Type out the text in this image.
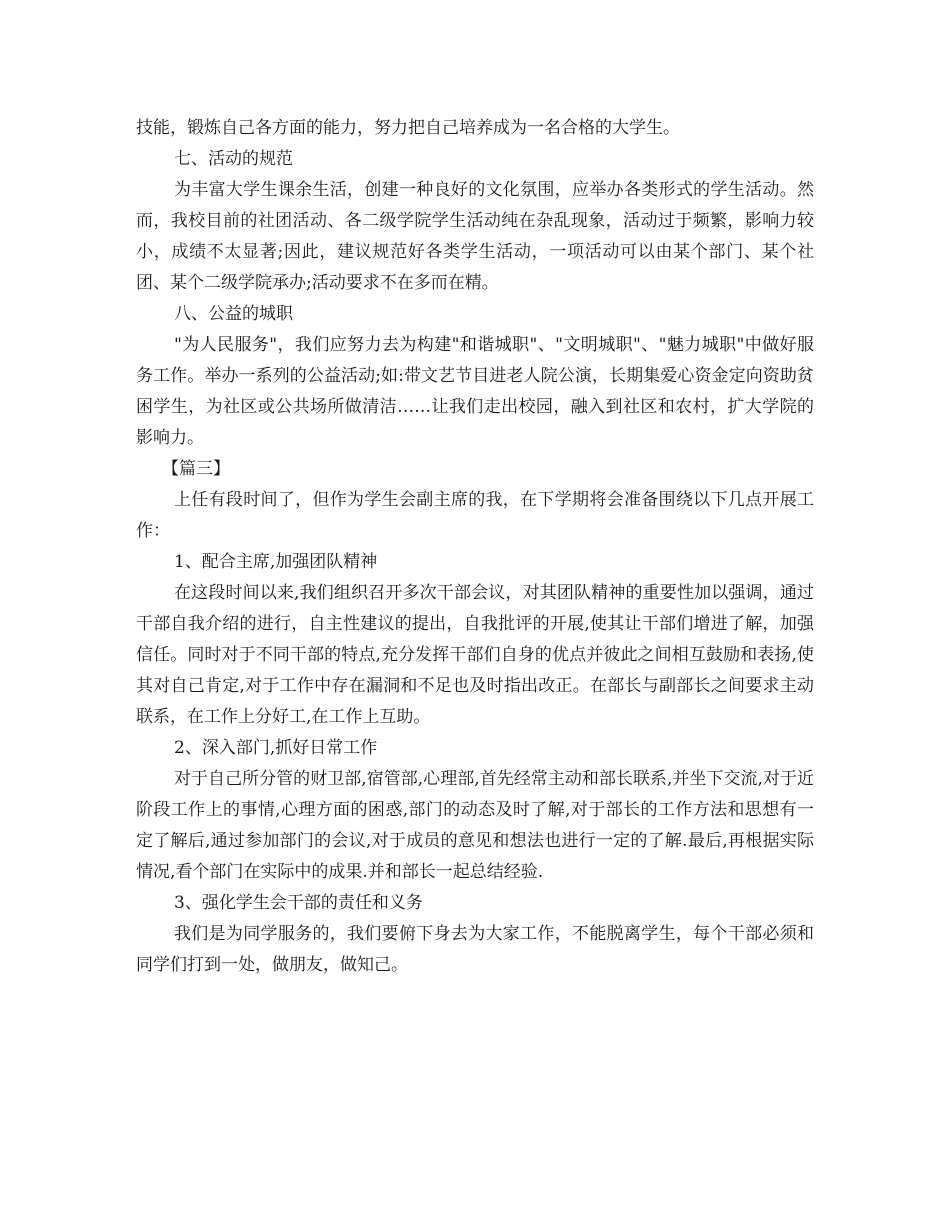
技能，锻炼自己各方面的能力，努力把自己培养成为一名合格的大学生。

七、活动的规范

为丰富大学生课余生活，创建一种良好的文化氛围，应举办各类形式的学生活动。然而，我校目前的社团活动、各二级学院学生活动纯在杂乱现象，活动过于频繁，影响力较小，成绩不太显著;因此，建议规范好各类学生活动，一项活动可以由某个部门、某个社团、某个二级学院承办;活动要求不在多而在精。

八、公益的城职

"为人民服务"，我们应努力去为构建"和谐城职"、"文明城职"、"魅力城职"中做好服务工作。举办一系列的公益活动;如:带文艺节目进老人院公演，长期集爱心资金定向资助贫困学生，为社区或公共场所做清洁……让我们走出校园，融入到社区和农村，扩大学院的影响力。

【篇三】

上任有段时间了，但作为学生会副主席的我，在下学期将会准备围绕以下几点开展工作：

1、配合主席,加强团队精神

在这段时间以来,我们组织召开多次干部会议，对其团队精神的重要性加以强调，通过干部自我介绍的进行，自主性建议的提出，自我批评的开展,使其让干部们增进了解，加强信任。同时对于不同干部的特点,充分发挥干部们自身的优点并彼此之间相互鼓励和表扬,使其对自己肯定,对于工作中存在漏洞和不足也及时指出改正。在部长与副部长之间要求主动联系，在工作上分好工,在工作上互助。

2、深入部门,抓好日常工作

对于自己所分管的财卫部,宿管部,心理部,首先经常主动和部长联系,并坐下交流,对于近阶段工作上的事情,心理方面的困惑,部门的动态及时了解,对于部长的工作方法和思想有一定了解后,通过参加部门的会议,对于成员的意见和想法也进行一定的了解.最后,再根据实际情况,看个部门在实际中的成果.并和部长一起总结经验.

3、强化学生会干部的责任和义务

我们是为同学服务的，我们要俯下身去为大家工作，不能脱离学生，每个干部必须和同学们打到一处，做朋友，做知己。
